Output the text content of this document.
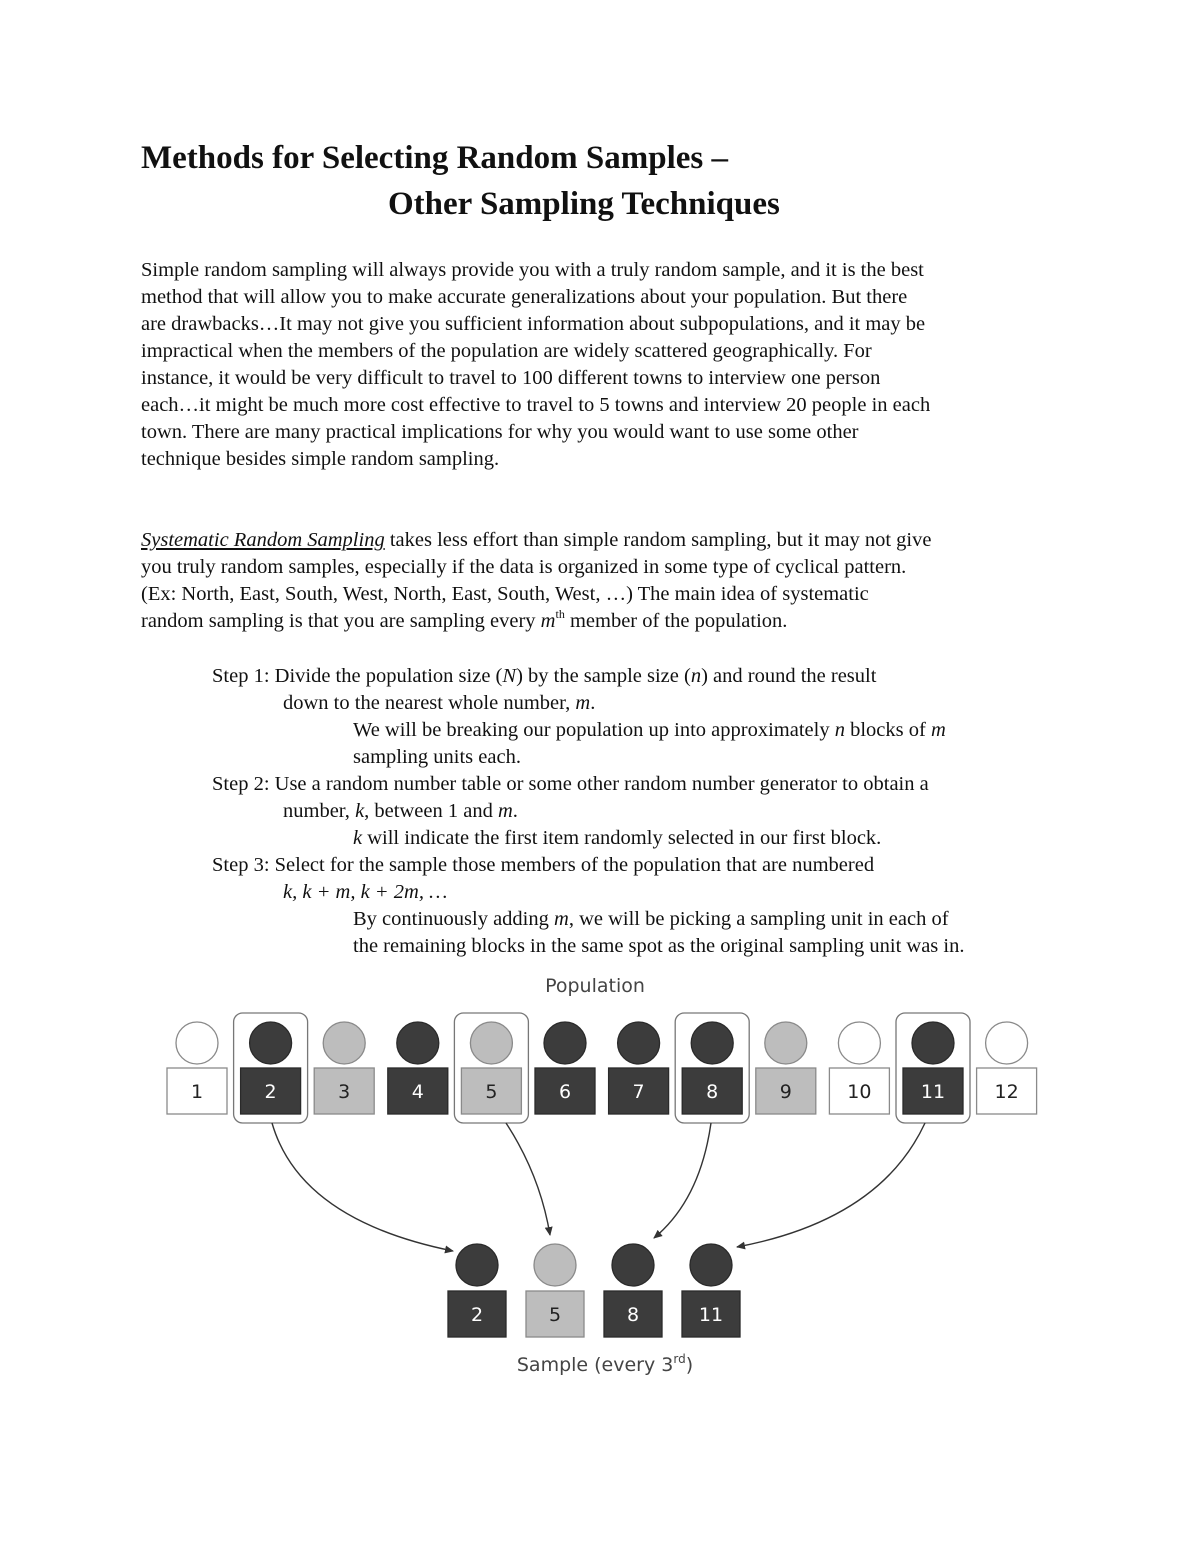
Methods for Selecting Random Samples –
Other Sampling Techniques
Simple random sampling will always provide you with a truly random sample, and it is the best
method that will allow you to make accurate generalizations about your population. But there
are drawbacks…It may not give you sufficient information about subpopulations, and it may be
impractical when the members of the population are widely scattered geographically. For
instance, it would be very difficult to travel to 100 different towns to interview one person
each…it might be much more cost effective to travel to 5 towns and interview 20 people in each
town. There are many practical implications for why you would want to use some other
technique besides simple random sampling.
Systematic Random Sampling takes less effort than simple random sampling, but it may not give
you truly random samples, especially if the data is organized in some type of cyclical pattern.
(Ex: North, East, South, West, North, East, South, West, …) The main idea of systematic
random sampling is that you are sampling every $m^{th}$ member of the population.
Step 1: Divide the population size (N) by the sample size (n) and round the result
down to the nearest whole number, m.
We will be breaking our population up into approximately n blocks of m
sampling units each.
Step 2: Use a random number table or some other random number generator to obtain a
number, k, between 1 and m.
k will indicate the first item randomly selected in our first block.
Step 3: Select for the sample those members of the population that are numbered
k, k + m, k + 2m, …
By continuously adding m, we will be picking a sampling unit in each of
the remaining blocks in the same spot as the original sampling unit was in.
Population
1	2	3	4	5	6	7	8	9	10	11	12
2	5	8	11
Sample (every 3rd)
